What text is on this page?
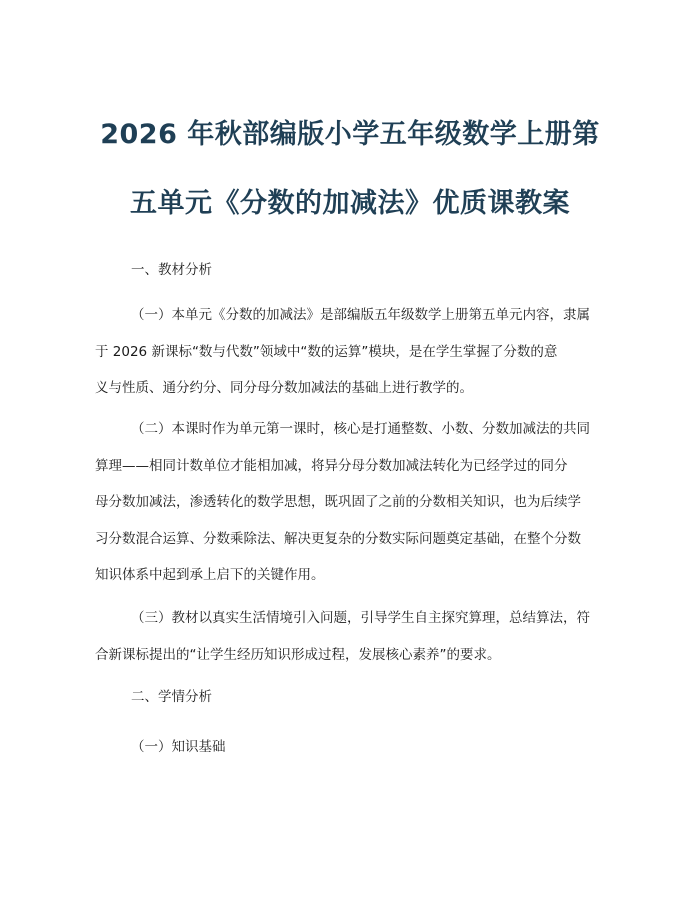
2026 年秋部编版小学五年级数学上册第
五单元《分数的加减法》优质课教案
一、教材分析
（一）本单元《分数的加减法》是部编版五年级数学上册第五单元内容，隶属
于 2026 新课标“数与代数”领域中“数的运算”模块，是在学生掌握了分数的意
义与性质、通分约分、同分母分数加减法的基础上进行教学的。
（二）本课时作为单元第一课时，核心是打通整数、小数、分数加减法的共同
算理——相同计数单位才能相加减，将异分母分数加减法转化为已经学过的同分
母分数加减法，渗透转化的数学思想，既巩固了之前的分数相关知识，也为后续学
习分数混合运算、分数乘除法、解决更复杂的分数实际问题奠定基础，在整个分数
知识体系中起到承上启下的关键作用。
（三）教材以真实生活情境引入问题，引导学生自主探究算理，总结算法，符
合新课标提出的“让学生经历知识形成过程，发展核心素养”的要求。
二、学情分析
（一）知识基础
